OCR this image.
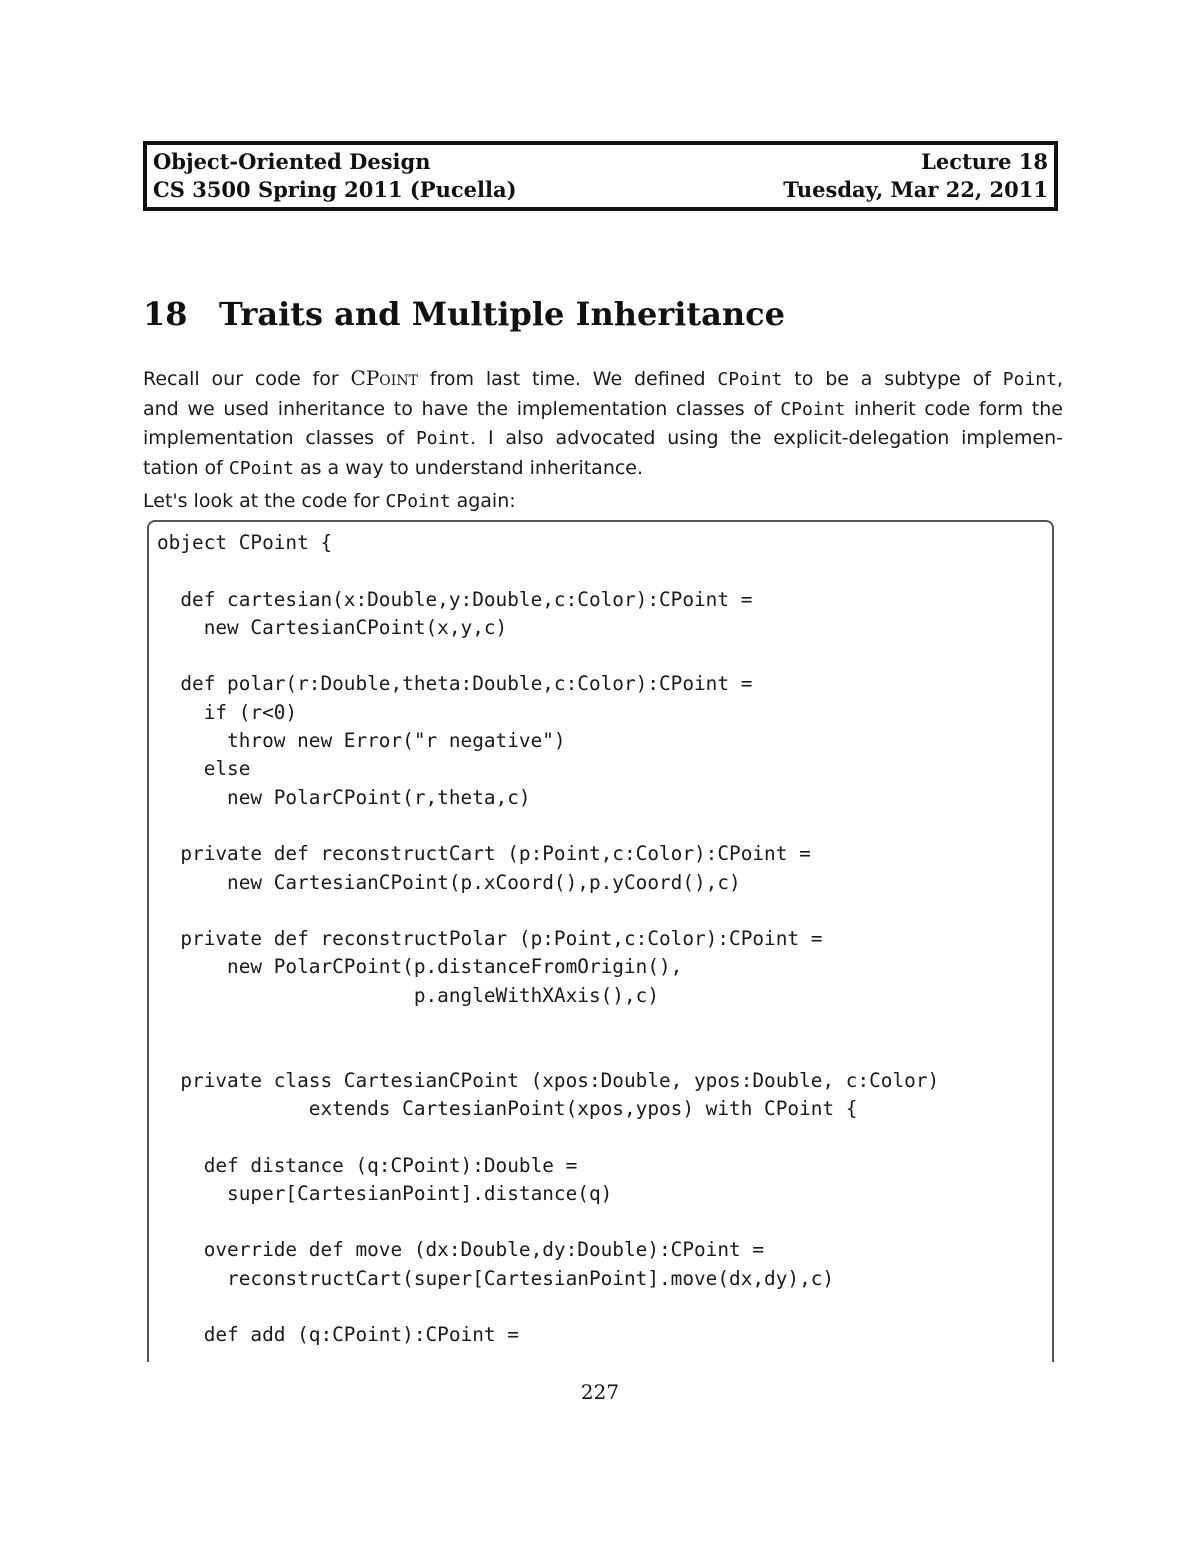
Object-Oriented Design	Lecture 18
CS 3500 Spring 2011 (Pucella)	Tuesday, Mar 22, 2011
18 Traits and Multiple Inheritance
Recall our code for CPoint from last time. We defined CPoint to be a subtype of Point,
and we used inheritance to have the implementation classes of CPoint inherit code form the
implementation classes of Point. I also advocated using the explicit-delegation implemen-
tation of CPoint as a way to understand inheritance.
Let's look at the code for CPoint again:
object CPoint {

def cartesian(x:Double,y:Double,c:Color):CPoint =
new CartesianCPoint(x,y,c)

def polar(r:Double,theta:Double,c:Color):CPoint =
if (r<0)
throw new Error("r negative")
else
new PolarCPoint(r,theta,c)

private def reconstructCart (p:Point,c:Color):CPoint =
new CartesianCPoint(p.xCoord(),p.yCoord(),c)

private def reconstructPolar (p:Point,c:Color):CPoint =
new PolarCPoint(p.distanceFromOrigin(),
p.angleWithXAxis(),c)

private class CartesianCPoint (xpos:Double, ypos:Double, c:Color)
extends CartesianPoint(xpos,ypos) with CPoint {

def distance (q:CPoint):Double =
super[CartesianPoint].distance(q)

override def move (dx:Double,dy:Double):CPoint =
reconstructCart(super[CartesianPoint].move(dx,dy),c)

def add (q:CPoint):CPoint =
227
